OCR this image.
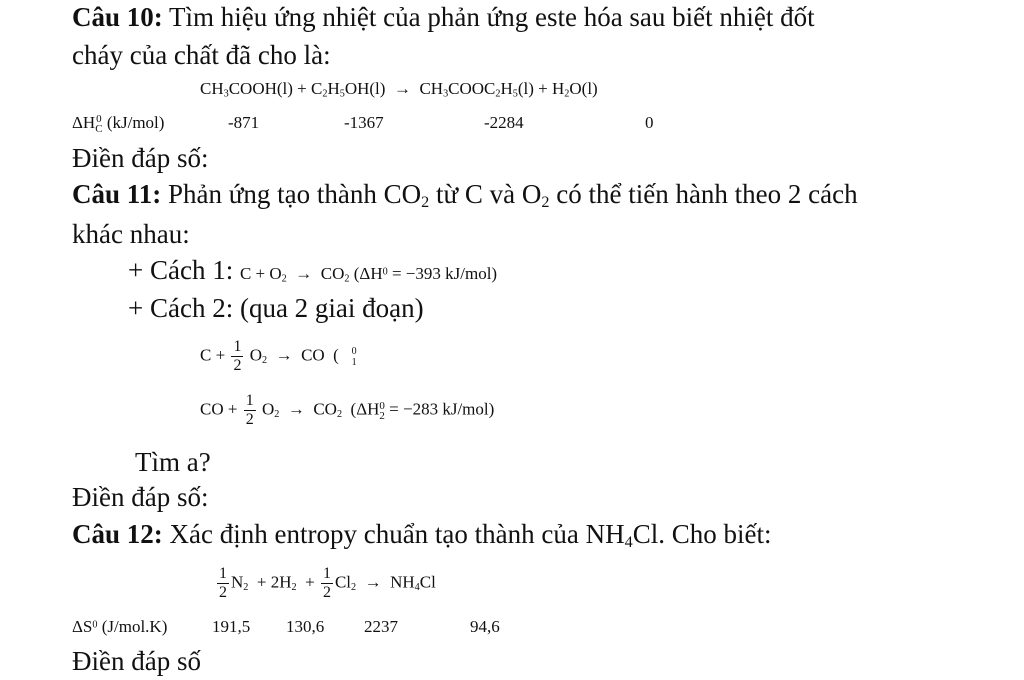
Câu 10: Tìm hiệu ứng nhiệt của phản ứng este hóa sau biết nhiệt đốt
cháy của chất đã cho là:
$CH_3COOH(l) + C_2H_5OH(l)$  →  $CH_3COOC_2H_5(l) + H_2O(l)$
ΔH 0
C (kJ/mol)	-871	-1367	-2284	0
Điền đáp số:
Câu 11: Phản ứng tạo thành $CO_2$ từ C và $O_2$ có thể tiến hành theo 2 cách
khác nhau:
+ Cách 1: $C + O_2 \to CO_2$ ($\Delta H^0 = -393$ kJ/mol)
+ Cách 2: (qua 2 giai đoạn)
$C + \frac{1}{2} O_2$  →  CO  ( 0
1
CO + $\frac{1}{2} O_2 \to CO_2$  (ΔH 0
2 = −283 kJ/mol)
Tìm a?
Điền đáp số:
Câu 12: Xác định entropy chuẩn tạo thành của $NH_4Cl$. Cho biết:
$\frac{1}{2} N_2 + 2H_2 + \frac{1}{2} Cl_2 \to NH_4Cl$
$\Delta S^0$ (J/mol.K)	191,5 130,6 2237	94,6
Điền đáp số
